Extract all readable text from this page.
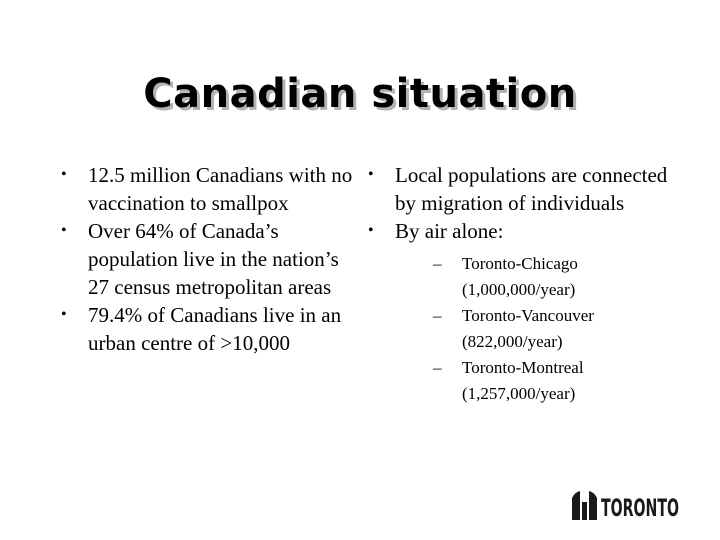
Canadian situation
• 12.5 million Canadians with no vaccination to smallpox
• Over 64% of Canada’s population live in the nation’s 27 census metropolitan areas
• 79.4% of Canadians live in an urban centre of >10,000
• Local populations are connected by migration of individuals
• By air alone:
– Toronto-Chicago
(1,000,000/year)
– Toronto-Vancouver
(822,000/year)
– Toronto-Montreal
(1,257,000/year)
TORONTO
